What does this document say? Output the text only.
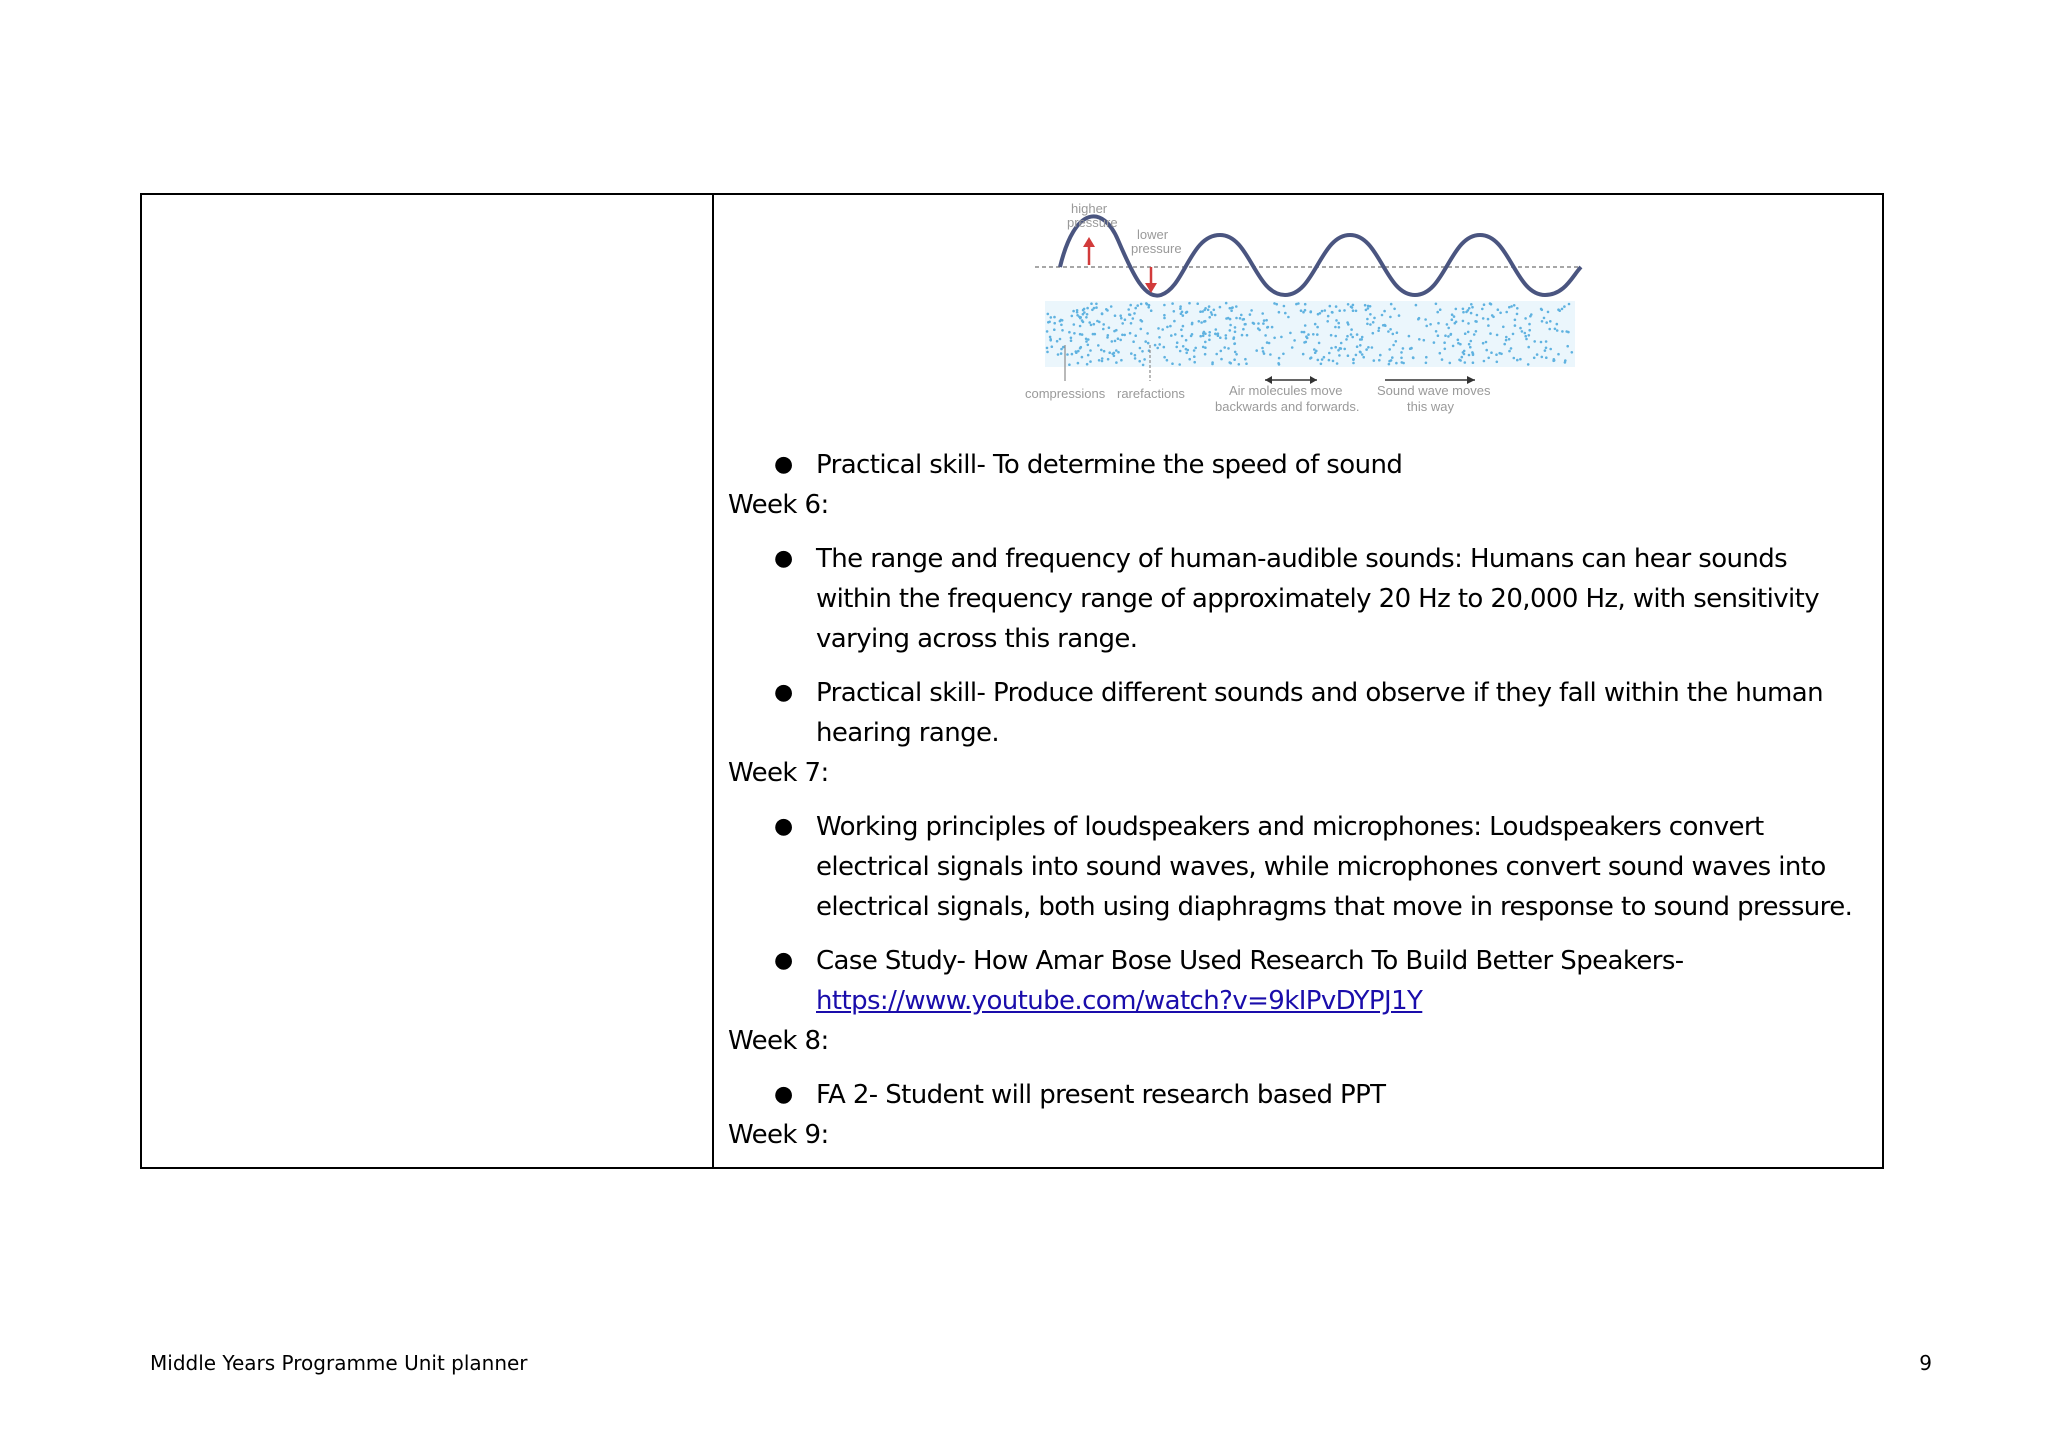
higher
pressure
lower
pressure
compressions rarefactions	Air molecules move
backwards and forwards.
Sound wave moves
this way
● Practical skill- To determine the speed of sound

Week 6:

● The range and frequency of human-audible sounds: Humans can hear sounds within the frequency range of approximately 20 Hz to 20,000 Hz, with sensitivity varying across this range.
● Practical skill- Produce different sounds and observe if they fall within the human hearing range.

Week 7:

● Working principles of loudspeakers and microphones: Loudspeakers convert electrical signals into sound waves, while microphones convert sound waves into electrical signals, both using diaphragms that move in response to sound pressure.
● Case Study- How Amar Bose Used Research To Build Better Speakers-
https://www.youtube.com/watch?v=9kIPvDYPJ1Y

Week 8:

● FA 2- Student will present research based PPT

Week 9:

Middle Years Programme Unit planner	9
